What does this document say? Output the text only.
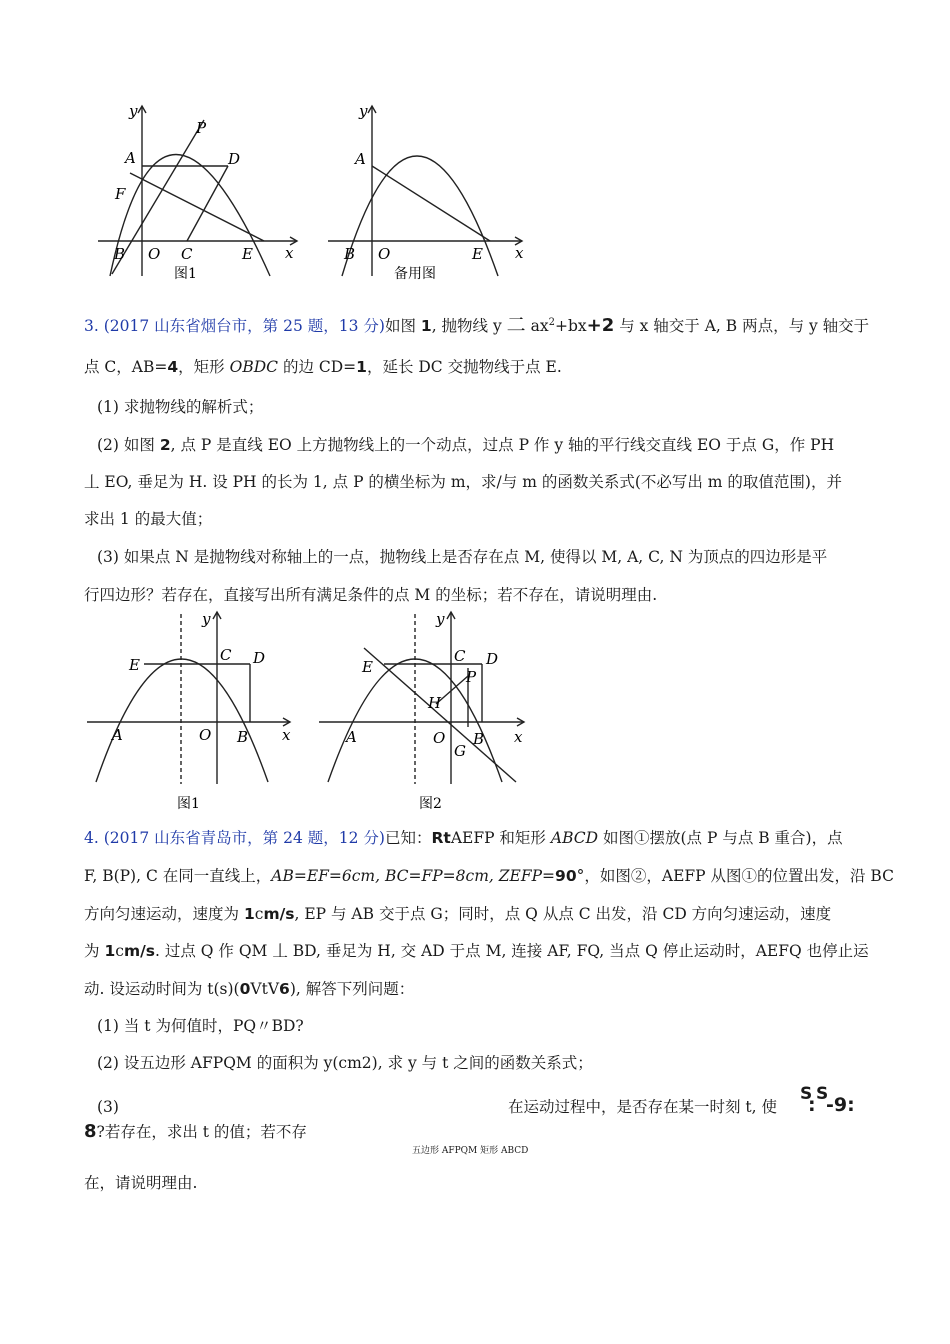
y
x
P
A	D
F
B O C	E
图1
y
x
A
B O	E
备用图
3. (2017 山东省烟台市，第 25 题，13 分)如图 1, 抛物线 y 二 $ax^2+bx+2$ 与 x 轴交于 A, B 两点，与 y 轴交于
点 C，AB=4，矩形 OBDC 的边 CD=1，延长 DC 交抛物线于点 E.
(1) 求抛物线的解析式；
(2) 如图 2, 点 P 是直线 EO 上方抛物线上的一个动点，过点 P 作 y 轴的平行线交直线 EO 于点 G，作 PH
丄 EO, 垂足为 H. 设 PH 的长为 1, 点 P 的横坐标为 m，求/与 m 的函数关系式(不必写出 m 的取值范围)，并
求出 1 的最大值；
(3) 如果点 N 是抛物线对称轴上的一点，抛物线上是否存在点 M, 使得以 M, A, C, N 为顶点的四边形是平
行四边形？若存在，直接写出所有满足条件的点 M 的坐标；若不存在，请说明理由.
y
x
E
C D
A	O B
图1
y
x
E
C D
P
H
A	O B
G
图2
4. (2017 山东省青岛市，第 24 题，12 分)已知：RtAEFP 和矩形 ABCD 如图①摆放(点 P 与点 B 重合)，点
F, B(P), C 在同一直线上，AB=EF=6cm, BC=FP=8cm, ZEFP=90°，如图②，AEFP 从图①的位置出发，沿 BC
方向匀速运动，速度为 1cm/s, EP 与 AB 交于点 G；同时，点 Q 从点 C 出发，沿 CD 方向匀速运动，速度
为 1cm/s. 过点 Q 作 QM 丄 BD, 垂足为 H, 交 AD 于点 M, 连接 AF, FQ, 当点 Q 停止运动时，AEFQ 也停止运
动. 设运动时间为 t(s)(0VtV6), 解答下列问题：
(1) 当 t 为何值时，PQ〃BD?
(2) 设五边形 AFPQM 的面积为 y(cm2), 求 y 与 t 之间的函数关系式；
(3)	在运动过程中，是否存在某一时刻 t, 使
S S
: -9:
8?若存在，求出 t 的值；若不存
五边形 AFPQM 矩形 ABCD
在，请说明理由.
